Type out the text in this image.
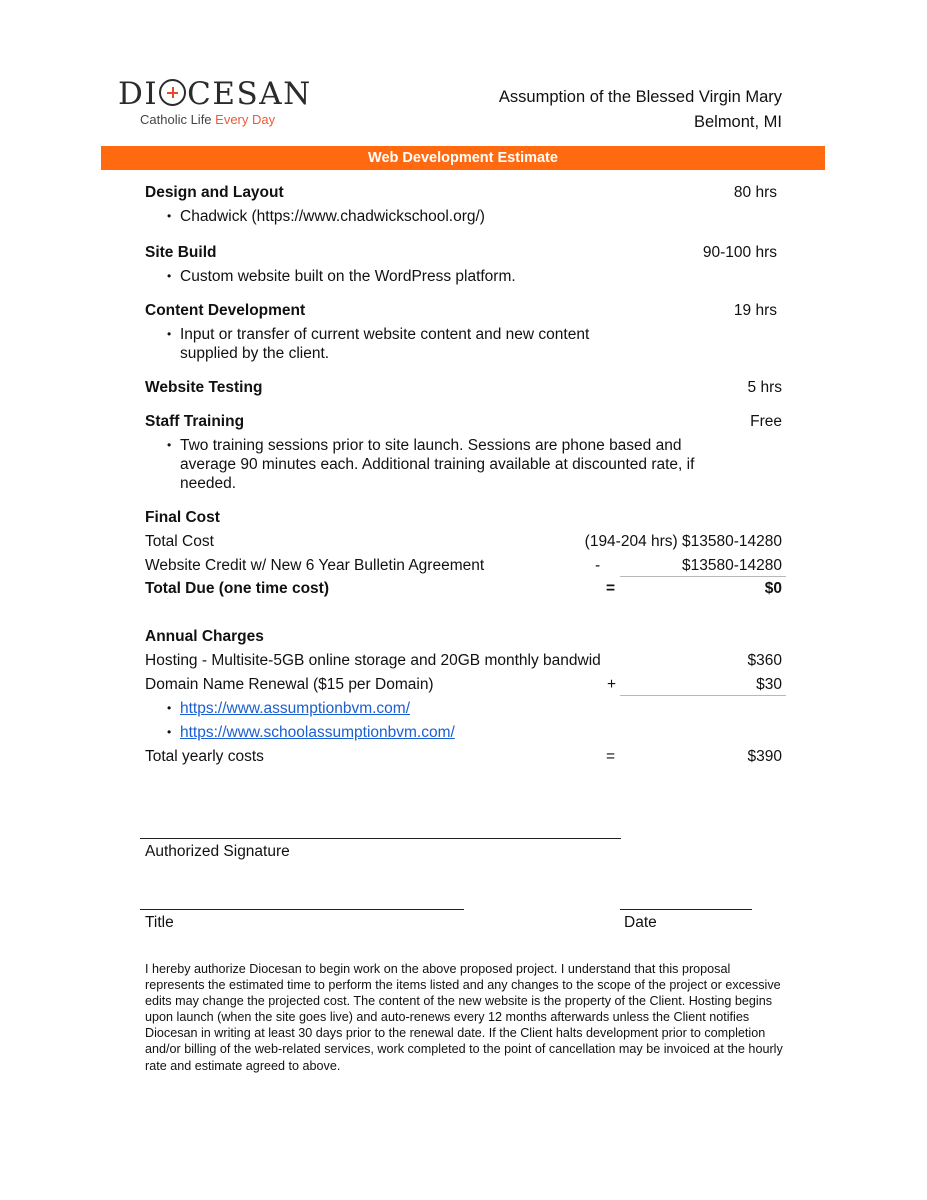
DI CESAN
Catholic Life Every Day
Assumption of the Blessed Virgin Mary
Belmont, MI
Web Development Estimate
Design and Layout	80 hrs
• Chadwick (https://www.chadwickschool.org/)
Site Build	90-100 hrs
• Custom website built on the WordPress platform.
Content Development	19 hrs
• Input or transfer of current website content and new content supplied by the client.
Website Testing	5 hrs
Staff Training	Free
• Two training sessions prior to site launch. Sessions are phone based and average 90 minutes each. Additional training available at discounted rate, if needed.
Final Cost
Total Cost	(194-204 hrs) $13580-14280
Website Credit w/ New 6 Year Bulletin Agreement	-	$13580-14280
Total Due (one time cost)	=	$0
Annual Charges
Hosting - Multisite-5GB online storage and 20GB monthly bandwid	$360
Domain Name Renewal ($15 per Domain)	+	$30
• https://www.assumptionbvm.com/
• https://www.schoolassumptionbvm.com/
Total yearly costs	=	$390
Authorized Signature
Title	Date
I hereby authorize Diocesan to begin work on the above proposed project. I understand that this proposal represents the estimated time to perform the items listed and any changes to the scope of the project or excessive edits may change the projected cost. The content of the new website is the property of the Client. Hosting begins upon launch (when the site goes live) and auto-renews every 12 months afterwards unless the Client notifies Diocesan in writing at least 30 days prior to the renewal date. If the Client halts development prior to completion and/or billing of the web-related services, work completed to the point of cancellation may be invoiced at the hourly rate and estimate agreed to above.
